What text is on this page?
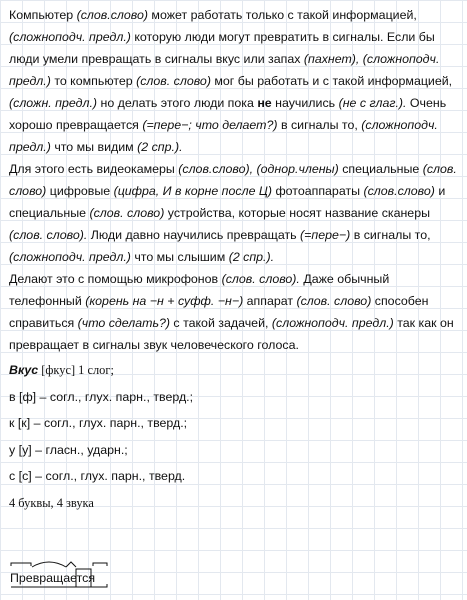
Компьютер (слов.слово) может работать только с такой информацией, (сложноподч. предл.) которую люди могут превратить в сигналы. Если бы люди умели превращать в сигналы вкус или запах (пахнет), (сложноподч. предл.) то компьютер (слов. слово) мог бы работать и с такой информацией, (сложн. предл.) но делать этого люди пока не научились (не с глаг.). Очень хорошо превращается (=пере−; что делает?) в сигналы то, (сложноподч. предл.) что мы видим (2 спр.).

Для этого есть видеокамеры (слов.слово), (однор.члены) специальные (слов. слово) цифровые (цифра, И в корне после Ц) фотоаппараты (слов.слово) и специальные (слов. слово) устройства, которые носят название сканеры (слов. слово). Люди давно научились превращать (=пере−) в сигналы то, (сложноподч. предл.) что мы слышим (2 спр.).

Делают это с помощью микрофонов (слов. слово). Даже обычный телефонный (корень на −н + суфф. −н−) аппарат (слов. слово) способен справиться (что сделать?) с такой задачей, (сложноподч. предл.) так как он превращает в сигналы звук человеческого голоса.

Вкус [фкус] 1 слог;
в [ф] – согл., глух. парн., тверд.;
к [к] – согл., глух. парн., тверд.;
у [у] – гласн., ударн.;
с [с] – согл., глух. парн., тверд.
4 буквы, 4 звука
Превращается
